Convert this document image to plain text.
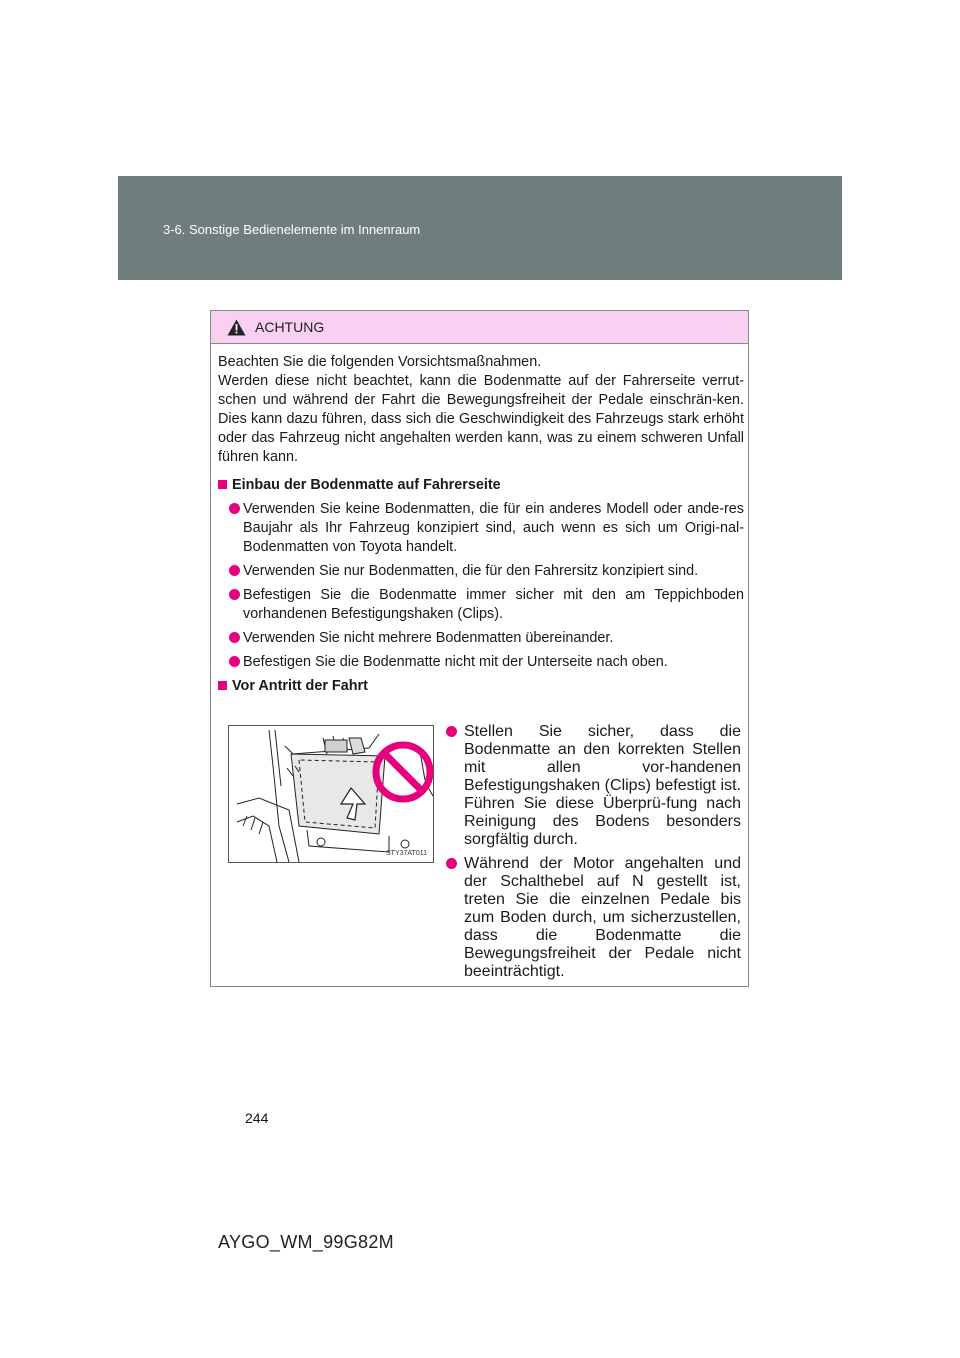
3-6. Sonstige Bedienelemente im Innenraum
ACHTUNG

Beachten Sie die folgenden Vorsichtsmaßnahmen.

Werden diese nicht beachtet, kann die Bodenmatte auf der Fahrerseite verrut-schen und während der Fahrt die Bewegungsfreiheit der Pedale einschrän-ken. Dies kann dazu führen, dass sich die Geschwindigkeit des Fahrzeugs stark erhöht oder das Fahrzeug nicht angehalten werden kann, was zu einem schweren Unfall führen kann.

Einbau der Bodenmatte auf Fahrerseite

Verwenden Sie keine Bodenmatten, die für ein anderes Modell oder ande-res Baujahr als Ihr Fahrzeug konzipiert sind, auch wenn es sich um Origi-nal-Bodenmatten von Toyota handelt.
Verwenden Sie nur Bodenmatten, die für den Fahrersitz konzipiert sind.
Befestigen Sie die Bodenmatte immer sicher mit den am Teppichboden vorhandenen Befestigungshaken (Clips).
Verwenden Sie nicht mehrere Bodenmatten übereinander.
Befestigen Sie die Bodenmatte nicht mit der Unterseite nach oben.

Vor Antritt der Fahrt

STY37AT011
Stellen Sie sicher, dass die Bodenmatte an den korrekten Stellen mit allen vor-handenen Befestigungshaken (Clips) befestigt ist. Führen Sie diese Überprü-fung nach Reinigung des Bodens besonders sorgfältig durch.
Während der Motor angehalten und der Schalthebel auf N gestellt ist, treten Sie die einzelnen Pedale bis zum Boden durch, um sicherzustellen, dass die Bodenmatte die Bewegungsfreiheit der Pedale nicht beeinträchtigt.
244
AYGO_WM_99G82M
